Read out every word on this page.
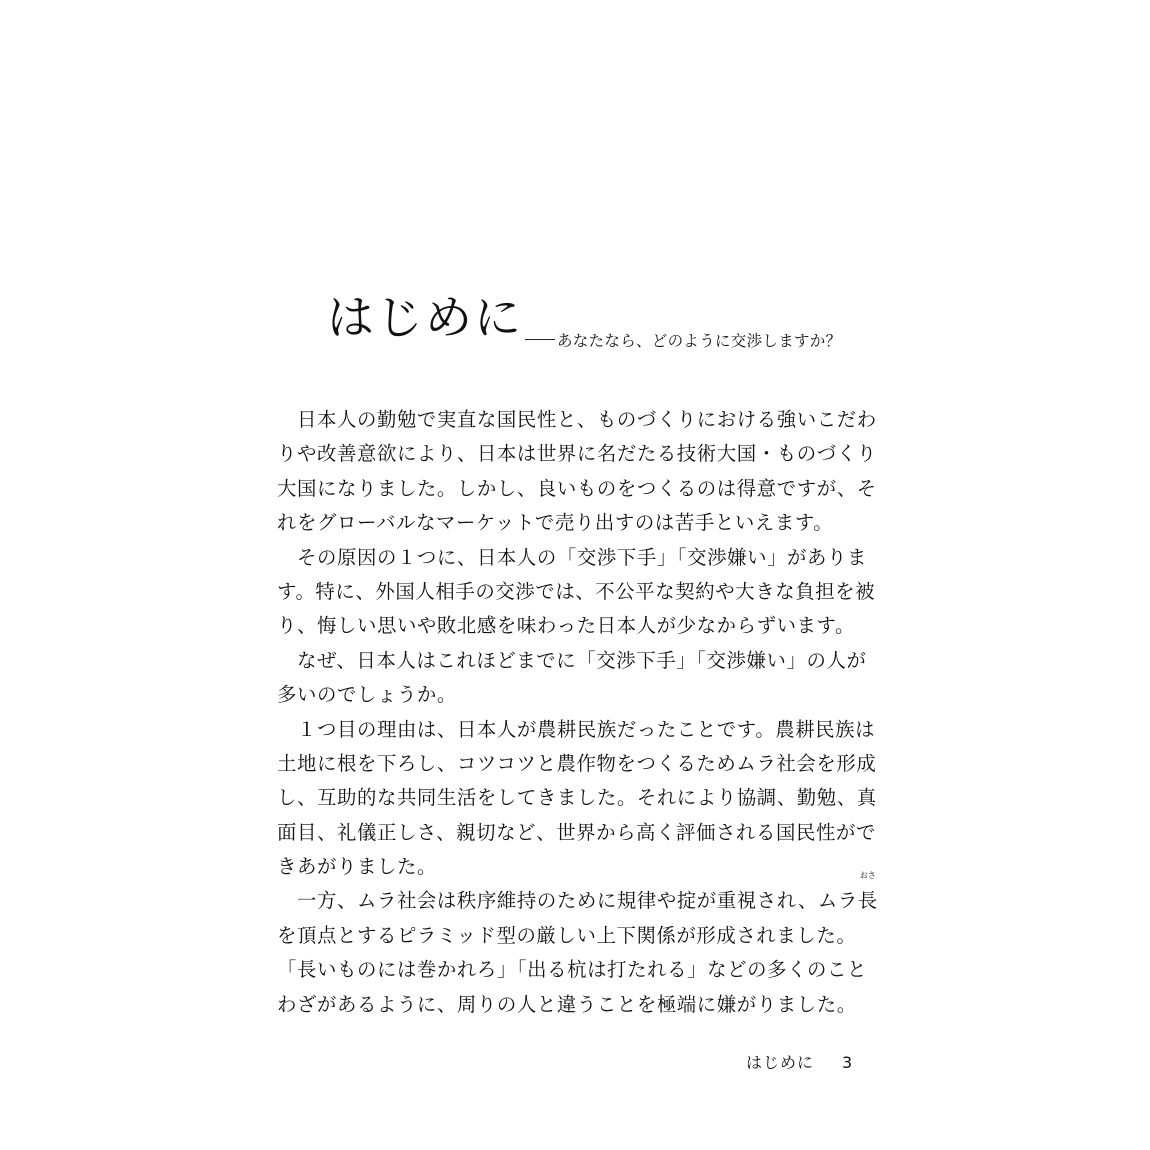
はじめに あなたなら、どのように交渉しますか？
　日本人の勤勉で実直な国民性と、ものづくりにおける強いこだわ
りや改善意欲により、日本は世界に名だたる技術大国・ものづくり
大国になりました。しかし、良いものをつくるのは得意ですが、そ
れをグローバルなマーケットで売り出すのは苦手といえます。
　その原因の１つに、日本人の「交渉下手」「交渉嫌い」がありま
す。特に、外国人相手の交渉では、不公平な契約や大きな負担を被
り、悔しい思いや敗北感を味わった日本人が少なからずいます。
　なぜ、日本人はこれほどまでに「交渉下手」「交渉嫌い」の人が
多いのでしょうか。
　１つ目の理由は、日本人が農耕民族だったことです。農耕民族は
土地に根を下ろし、コツコツと農作物をつくるためムラ社会を形成
し、互助的な共同生活をしてきました。それにより協調、勤勉、真
面目、礼儀正しさ、親切など、世界から高く評価される国民性がで
きあがりました。
　一方、ムラ社会は秩序維持のために規律や掟が重視され、ムラ
おさ
長
を頂点とするピラミッド型の厳しい上下関係が形成されました。
「長いものには巻かれろ」「出る杭は打たれる」などの多くのこと
わざがあるように、周りの人と違うことを極端に嫌がりました。
はじめに 3
